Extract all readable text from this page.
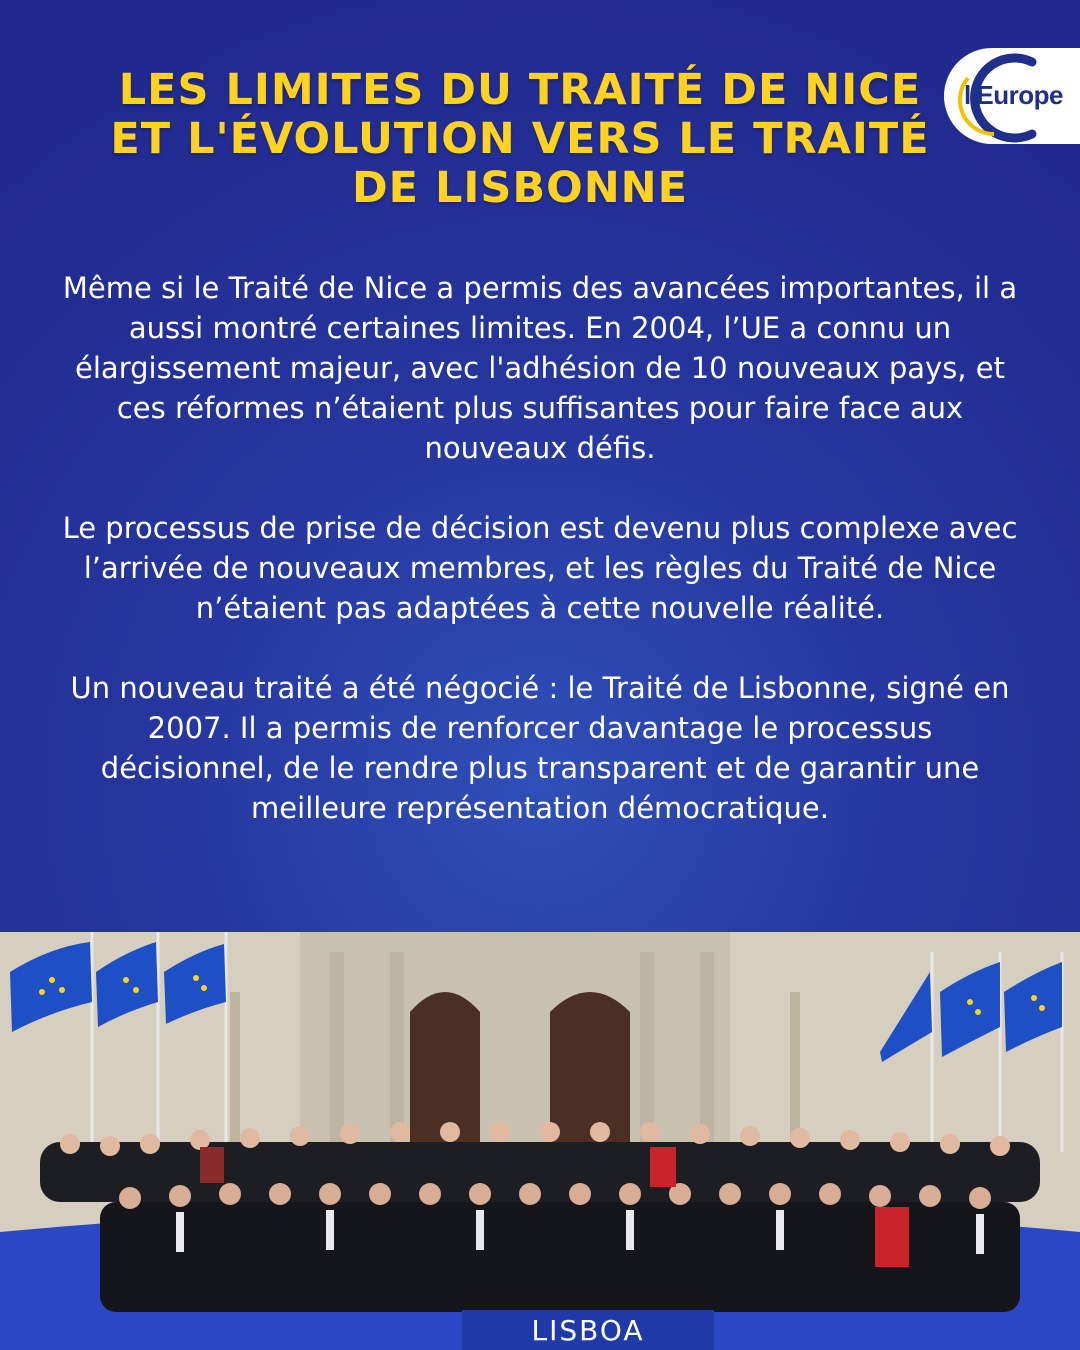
LES LIMITES DU TRAITÉ DE NICE
ET L'ÉVOLUTION VERS LE TRAITÉ
DE LISBONNE
l'Europe

Même si le Traité de Nice a permis des avancées importantes, il a aussi montré certaines limites. En 2004, l’UE a connu un élargissement majeur, avec l'adhésion de 10 nouveaux pays, et ces réformes n’étaient plus suffisantes pour faire face aux nouveaux défis.

Le processus de prise de décision est devenu plus complexe avec l’arrivée de nouveaux membres, et les règles du Traité de Nice n’étaient pas adaptées à cette nouvelle réalité.

Un nouveau traité a été négocié : le Traité de Lisbonne, signé en 2007. Il a permis de renforcer davantage le processus décisionnel, de le rendre plus transparent et de garantir une meilleure représentation démocratique.

LISBOA
